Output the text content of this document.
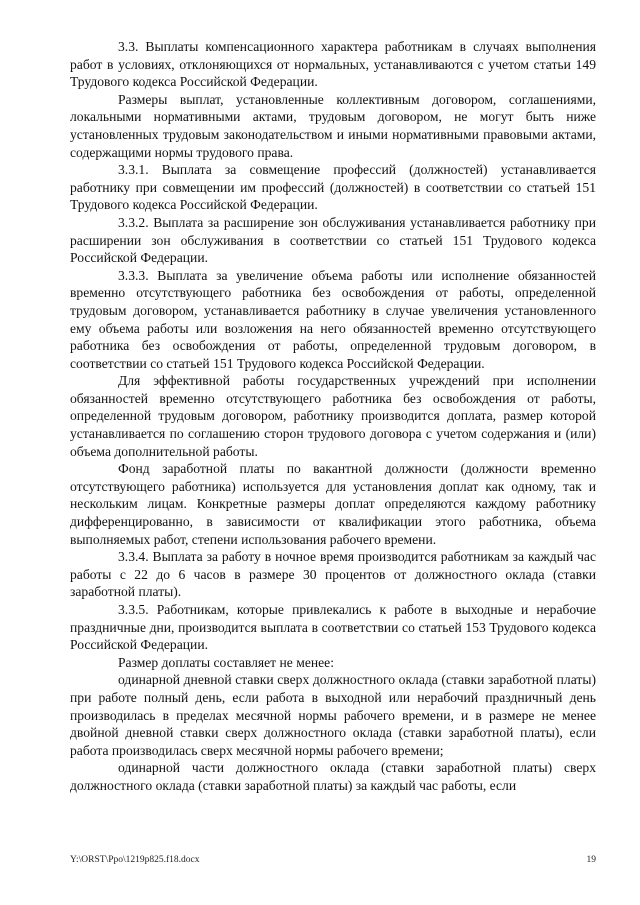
3.3. Выплаты компенсационного характера работникам в случаях выполнения работ в условиях, отклоняющихся от нормальных, устанавливаются с учетом статьи 149 Трудового кодекса Российской Федерации.

Размеры выплат, установленные коллективным договором, соглашениями, локальными нормативными актами, трудовым договором, не могут быть ниже установленных трудовым законодательством и иными нормативными правовыми актами, содержащими нормы трудового права.

3.3.1. Выплата за совмещение профессий (должностей) устанавливается работнику при совмещении им профессий (должностей) в соответствии со статьей 151 Трудового кодекса Российской Федерации.

3.3.2. Выплата за расширение зон обслуживания устанавливается работнику при расширении зон обслуживания в соответствии со статьей 151 Трудового кодекса Российской Федерации.

3.3.3. Выплата за увеличение объема работы или исполнение обязанностей временно отсутствующего работника без освобождения от работы, определенной трудовым договором, устанавливается работнику в случае увеличения установленного ему объема работы или возложения на него обязанностей временно отсутствующего работника без освобождения от работы, определенной трудовым договором, в соответствии со статьей 151 Трудового кодекса Российской Федерации.

Для эффективной работы государственных учреждений при исполнении обязанностей временно отсутствующего работника без освобождения от работы, определенной трудовым договором, работнику производится доплата, размер которой устанавливается по соглашению сторон трудового договора с учетом содержания и (или) объема дополнительной работы.

Фонд заработной платы по вакантной должности (должности временно отсутствующего работника) используется для установления доплат как одному, так и нескольким лицам. Конкретные размеры доплат определяются каждому работнику дифференцированно, в зависимости от квалификации этого работника, объема выполняемых работ, степени использования рабочего времени.

3.3.4. Выплата за работу в ночное время производится работникам за каждый час работы с 22 до 6 часов в размере 30 процентов от должностного оклада (ставки заработной платы).

3.3.5. Работникам, которые привлекались к работе в выходные и нерабочие праздничные дни, производится выплата в соответствии со статьей 153 Трудового кодекса Российской Федерации.

Размер доплаты составляет не менее:

одинарной дневной ставки сверх должностного оклада (ставки заработной платы) при работе полный день, если работа в выходной или нерабочий праздничный день производилась в пределах месячной нормы рабочего времени, и в размере не менее двойной дневной ставки сверх должностного оклада (ставки заработной платы), если работа производилась сверх месячной нормы рабочего времени;

одинарной части должностного оклада (ставки заработной платы) сверх должностного оклада (ставки заработной платы) за каждый час работы, если

Y:\ORST\Ppo\1219p825.f18.docx	19
